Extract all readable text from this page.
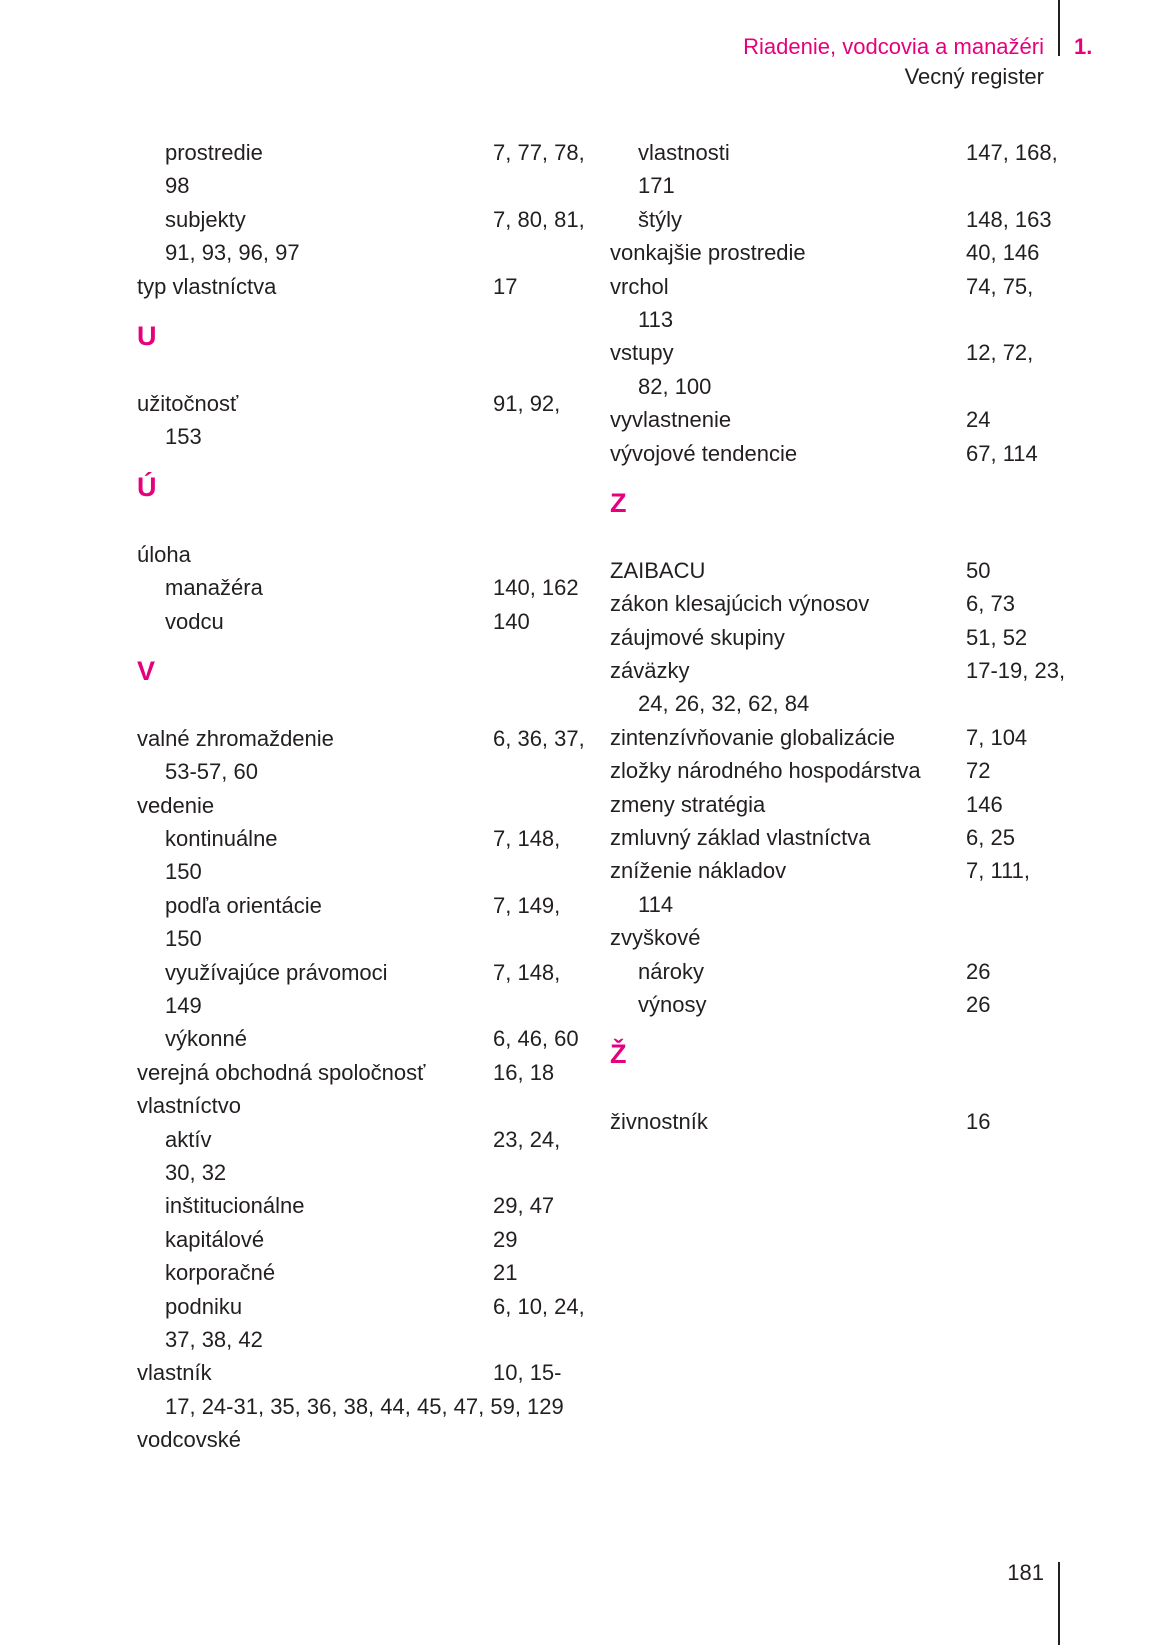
Riadenie, vodcovia a manažéri 1.
Vecný register
prostredie	7, 77, 78,
98
subjekty	7, 80, 81,
91, 93, 96, 97
typ vlastníctva	17
U
užitočnosť	91, 92,
153
Ú
úloha
manažéra	140, 162
vodcu	140
V
valné zhromaždenie	6, 36, 37,
53-57, 60
vedenie
kontinuálne	7, 148,
150
podľa orientácie	7, 149,
150
využívajúce právomoci	7, 148,
149
výkonné	6, 46, 60
verejná obchodná spoločnosť	16, 18
vlastníctvo
aktív	23, 24,
30, 32
inštitucionálne	29, 47
kapitálové	29
korporačné	21
podniku	6, 10, 24,
37, 38, 42
vlastník	10, 15-
17, 24-31, 35, 36, 38, 44, 45, 47, 59, 129
vodcovské
vlastnosti	147, 168,
171
štýly	148, 163
vonkajšie prostredie	40, 146
vrchol	74, 75,
113
vstupy	12, 72,
82, 100
vyvlastnenie	24
vývojové tendencie	67, 114
Z
ZAIBACU	50
zákon klesajúcich výnosov	6, 73
záujmové skupiny	51, 52
záväzky	17-19, 23,
24, 26, 32, 62, 84
zintenzívňovanie globalizácie	7, 104
zložky národného hospodárstva 72
zmeny stratégia	146
zmluvný základ vlastníctva	6, 25
zníženie nákladov	7, 111,
114
zvyškové
nároky	26
výnosy	26
Ž
živnostník	16
181
